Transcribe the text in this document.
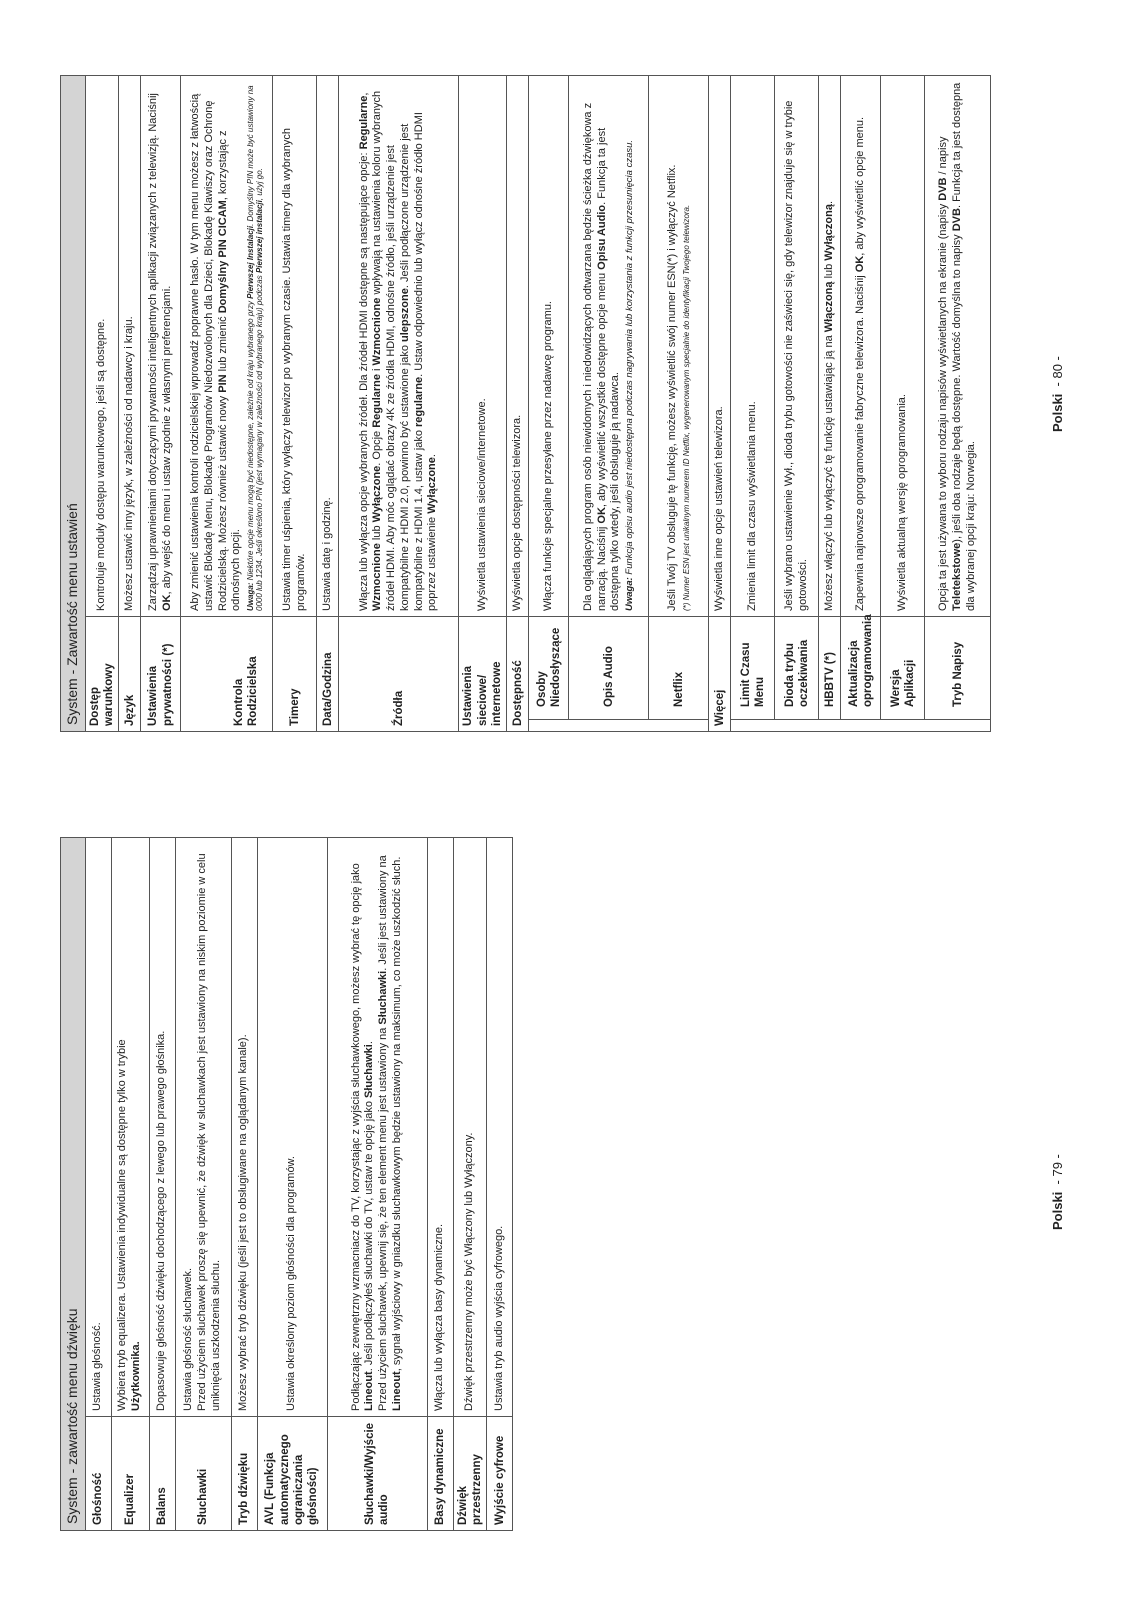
System - zawartość menu dźwięku	
Głośność	Ustawia głośność.
Equalizer	Wybiera tryb equalizera. Ustawienia indywidualne są dostępne tylko w trybie Użytkownika.
Balans	Dopasowuje głośność dźwięku dochodzącego z lewego lub prawego głośnika.
Słuchawki	Ustawia głośność słuchawek. Przed użyciem słuchawek proszę się upewnić, że dźwięk w słuchawkach jest ustawiony na niskim poziomie w celu uniknięcia uszkodzenia słuchu.
Tryb dźwięku	Możesz wybrać tryb dźwięku (jeśli jest to obsługiwane na oglądanym kanale).
AVL (Funkcja automatycznego ograniczania głośności)	Ustawia określony poziom głośności dla programów.
Słuchawki/Wyjście audio	Podłączając zewnętrzny wzmacniacz do TV, korzystając z wyjścia słuchawkowego, możesz wybrać tę opcję jako Lineout. Jeśli podłączyłeś słuchawki do TV, ustaw te opcję jako Słuchawki. Przed użyciem słuchawek, upewnij się, że ten element menu jest ustawiony na Słuchawki. Jeśli jest ustawiony na Lineout, sygnał wyjściowy w gniazdku słuchawkowym będzie ustawiony na maksimum, co może uszkodzić słuch.
Basy dynamiczne	Włącza lub wyłącza basy dynamiczne.
Dźwięk przestrzenny	Dźwięk przestrzenny może być Włączony lub Wyłączony.
Wyjście cyfrowe	Ustawia tryb audio wyjścia cyfrowego.
System - Zawartość menu ustawień		
Dostęp warunkowy		Kontroluje moduły dostępu warunkowego, jeśli są dostępne.
Język		Możesz ustawić inny język, w zależności od nadawcy i kraju.
Ustawienia prywatności (*)		Zarządzaj uprawnieniami dotyczącymi prywatności inteligentnych aplikacji związanych z telewizją. Naciśnij OK, aby wejść do menu i ustaw zgodnie z własnymi preferencjami.
Kontrola Rodzicielska		Aby zmienić ustawienia kontroli rodzicielskiej wprowadź poprawne hasło. W tym menu możesz z łatwością ustawić Blokadę Menu, Blokadę Programów Niedozwolonych dla Dzieci, Blokadę Klawiszy oraz Ochronę Rodzicielską. Możesz również ustawić nowy PIN lub zmienić Domyślny PIN CICAM, korzystając z odnośnych opcji. Uwaga: Niektóre opcje menu mogą być niedostępne, zależnie od kraju wybranego przy Pierwszej Instalacji. Domyślny PIN może być ustawiony na 0000 lub 1234. Jeśli określono PIN (jest wymagany w zależności od wybranego kraju) podczas Pierwszej instalacji, użyj go.

Timery		Ustawia timer uśpienia, który wyłączy telewizor po wybranym czasie. Ustawia timery dla wybranych programów.
Data/Godzina		Ustawia datę i godzinę.
Źródła		Włącza lub wyłącza opcje wybranych źródeł. Dla źródeł HDMI dostępne są następujące opcje: Regularne, Wzmocnione lub Wyłączone. Opcje Regularne i Wzmocnione wpływają na ustawienia koloru wybranych źródeł HDMI. Aby móc oglądać obrazy 4K ze źródła HDMI, odnośne źródło, jeśli urządzenie jest kompatybilne z HDMI 2.0, powinno być ustawione jako ulepszone. Jeśli podłączone urządzenie jest kompatybilne z HDMI 1.4, ustaw jako regularne. Ustaw odpowiednio lub wyłącz odnośne źródło HDMI poprzez ustawienie Wyłączone.
Ustawienia sieciowe/ internetowe		Wyświetla ustawienia sieciowe/internetowe.
Dostępność		Wyświetla opcje dostępności telewizora.
	Osoby Niedosłyszące	Włącza funkcje specjalne przesyłane przez nadawcę programu.
	Opis Audio	Dla oglądających program osób niewidomych i niedowidzących odtwarzana będzie ścieżka dźwiękowa z narracją. Naciśnij OK, aby wyświetlić wszystkie dostępne opcje menu Opisu Audio. Funkcja ta jest dostępna tylko wtedy, jeśli obsługuje ją nadawca. Uwaga: Funkcja opisu audio jest niedostępna podczas nagrywania lub korzystania z funkcji przesunięcia czasu.

	Netflix	Jeśli Twój TV obsługuje tę funkcję, możesz wyświetlić swój numer ESN(*) i wyłączyć Netflix. (*) Numer ESN jest unikalnym numerem ID Netflix, wygenerowanym specjalnie do identyfikacji Twojego telewizora.

Więcej		Wyświetla inne opcje ustawień telewizora.
	Limit Czasu Menu	Zmienia limit dla czasu wyświetlania menu.
	Dioda trybu oczekiwania	Jeśli wybrano ustawienie Wył., dioda trybu gotowości nie zaświeci się, gdy telewizor znajduje się w trybie gotowości.
	HBBTV (*)	Możesz włączyć lub wyłączyć tę funkcję ustawiając ją na Włączoną lub Wyłączoną.
	Aktualizacja oprogramowania	Zapewnia najnowsze oprogramowanie fabryczne telewizora. Naciśnij OK, aby wyświetlić opcje menu.
	Wersja Aplikacji	Wyświetla aktualną wersję oprogramowania.
	Tryb Napisy	Opcja ta jest używana to wyboru rodzaju napisów wyświetlanych na ekranie (napisy DVB / napisy Teletekstowe), jeśli oba rodzaje będą dostępne. Wartość domyślna to napisy DVB. Funkcja ta jest dostępna dla wybranej opcji kraju: Norwegia.
Polski  - 79 -
Polski  - 80 -
